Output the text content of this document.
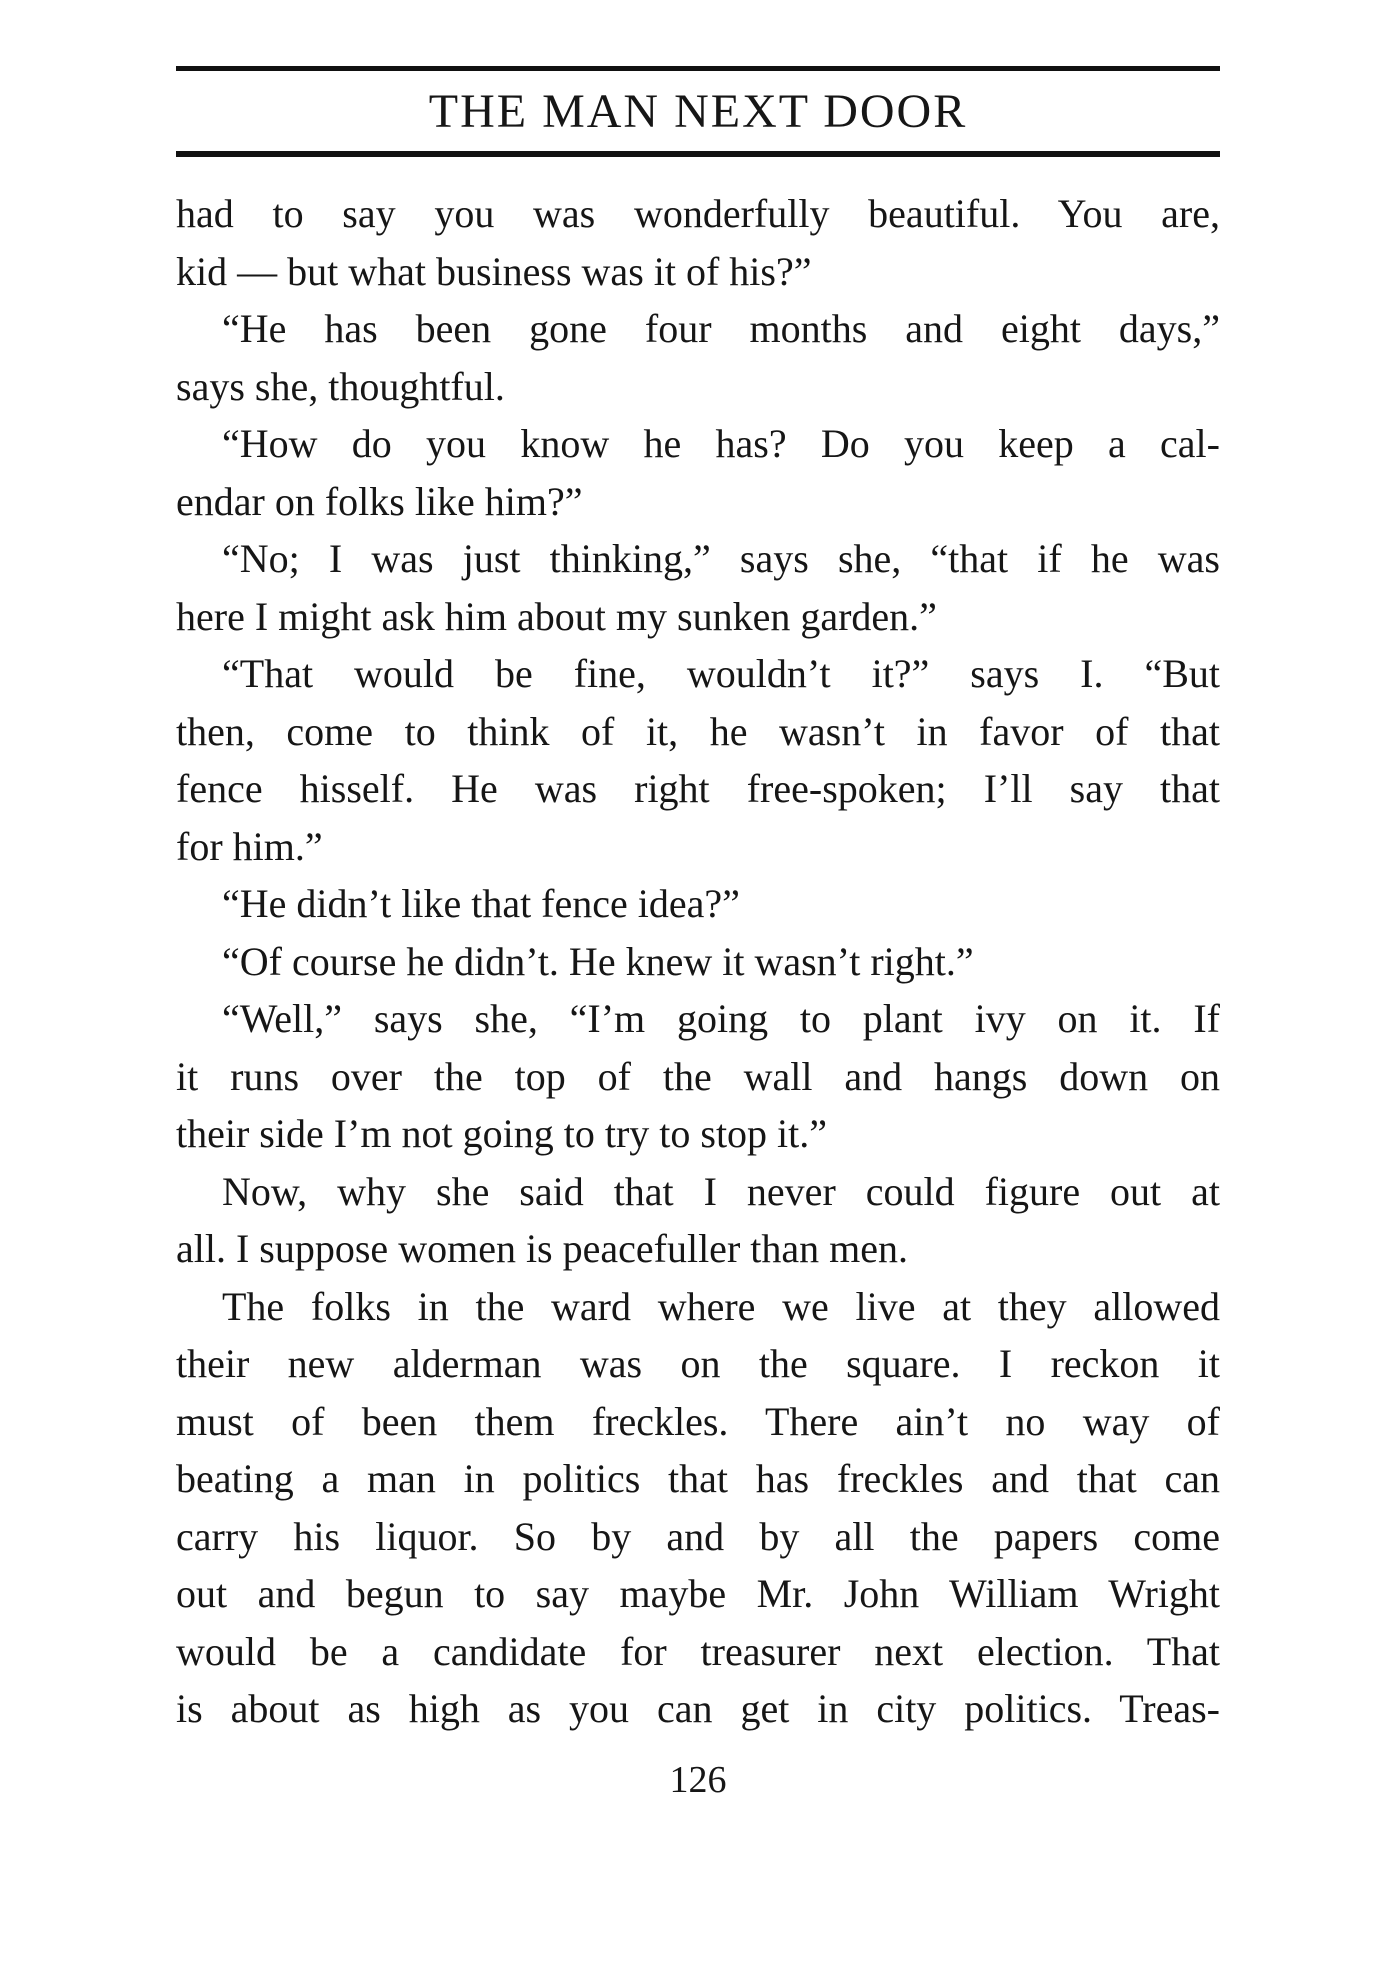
THE MAN NEXT DOOR
had to say you was wonderfully beautiful. You are,
kid — but what business was it of his?”
“He has been gone four months and eight days,”
says she, thoughtful.
“How do you know he has? Do you keep a cal-
endar on folks like him?”
“No; I was just thinking,” says she, “that if he was
here I might ask him about my sunken garden.”
“That would be fine, wouldn’t it?” says I. “But
then, come to think of it, he wasn’t in favor of that
fence hisself. He was right free-spoken; I’ll say that
for him.”
“He didn’t like that fence idea?”
“Of course he didn’t. He knew it wasn’t right.”
“Well,” says she, “I’m going to plant ivy on it. If
it runs over the top of the wall and hangs down on
their side I’m not going to try to stop it.”
Now, why she said that I never could figure out at
all. I suppose women is peacefuller than men.
The folks in the ward where we live at they allowed
their new alderman was on the square. I reckon it
must of been them freckles. There ain’t no way of
beating a man in politics that has freckles and that can
carry his liquor. So by and by all the papers come
out and begun to say maybe Mr. John William Wright
would be a candidate for treasurer next election. That
is about as high as you can get in city politics. Treas-
126
